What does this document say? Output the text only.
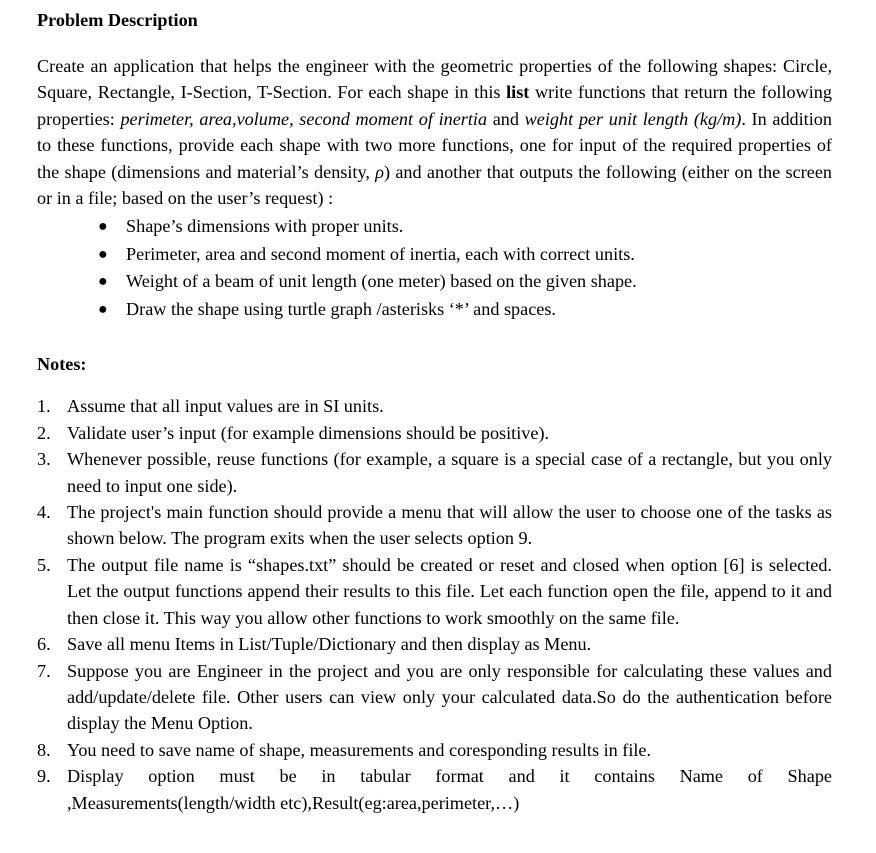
Problem Description

Create an application that helps the engineer with the geometric properties of the following shapes: Circle, Square, Rectangle, I-Section, T-Section. For each shape in this list write functions that return the following properties: perimeter, area,volume, second moment of inertia and weight per unit length (kg/m). In addition to these functions, provide each shape with two more functions, one for input of the required properties of the shape (dimensions and material’s density, ρ) and another that outputs the following (either on the screen or in a file; based on the user’s request) :

●	Shape’s dimensions with proper units.
●	Perimeter, area and second moment of inertia, each with correct units.
●	Weight of a beam of unit length (one meter) based on the given shape.
●	Draw the shape using turtle graph /asterisks ‘*’ and spaces.

Notes:

1. Assume that all input values are in SI units.
2. Validate user’s input (for example dimensions should be positive).
3. Whenever possible, reuse functions (for example, a square is a special case of a rectangle, but you only need to input one side).
4. The project's main function should provide a menu that will allow the user to choose one of the tasks as shown below. The program exits when the user selects option 9.
5. The output file name is “shapes.txt” should be created or reset and closed when option [6] is selected. Let the output functions append their results to this file. Let each function open the file, append to it and then close it. This way you allow other functions to work smoothly on the same file.
6. Save all menu Items in List/Tuple/Dictionary and then display as Menu.
7. Suppose you are Engineer in the project and you are only responsible for calculating these values and add/update/delete file. Other users can view only your calculated data.So do the authentication before display the Menu Option.
8. You need to save name of shape, measurements and coresponding results in file.
9. Display option must be in tabular format and it contains Name of Shape
,Measurements(length/width etc),Result(eg:area,perimeter,…)
